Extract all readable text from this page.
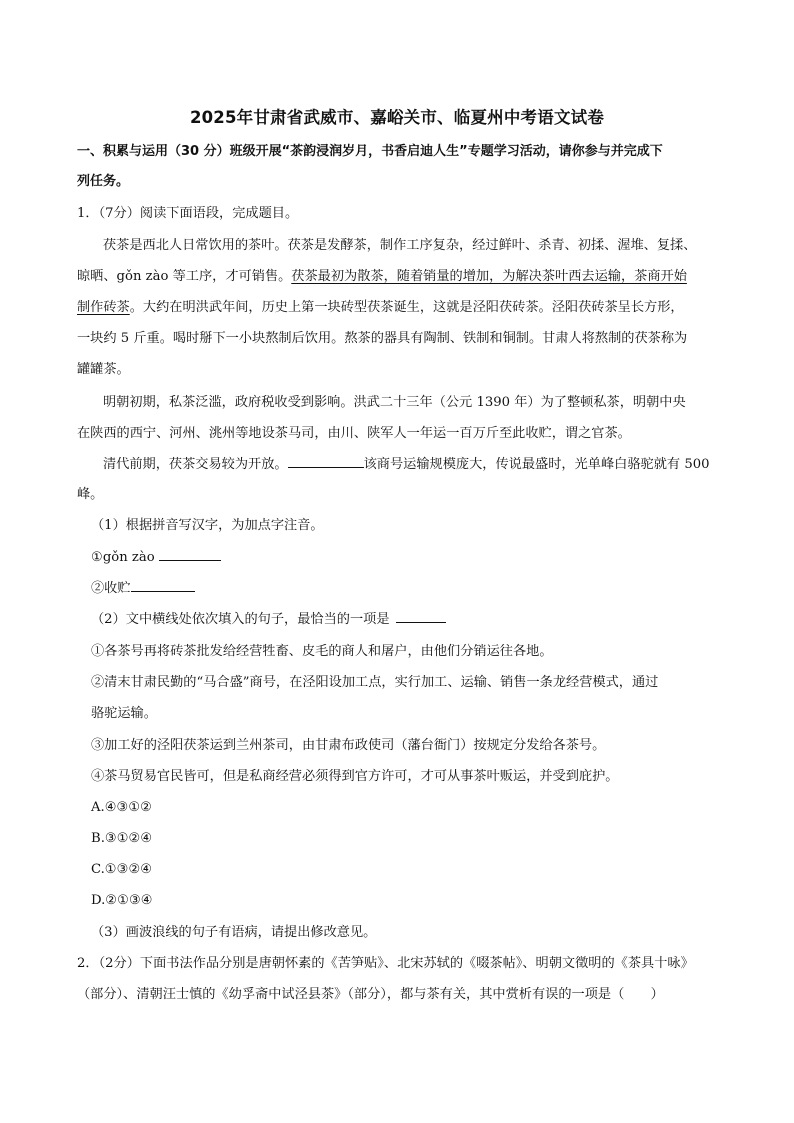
2025年甘肃省武威市、嘉峪关市、临夏州中考语文试卷
一、积累与运用（30 分）班级开展“茶韵浸润岁月，书香启迪人生”专题学习活动，请你参与并完成下
列任务。
1．（7分）阅读下面语段，完成题目。
茯茶是西北人日常饮用的茶叶。茯茶是发酵茶，制作工序复杂，经过鲜叶、杀青、初揉、渥堆、复揉、
晾晒、gǒn zào 等工序，才可销售。茯茶最初为散茶，随着销量的增加，为解决茶叶西去运输，茶商开始
制作砖茶。大约在明洪武年间，历史上第一块砖型茯茶诞生，这就是泾阳茯砖茶。泾阳茯砖茶呈长方形，
一块约 5 斤重。喝时掰下一小块熬制后饮用。熬茶的器具有陶制、铁制和铜制。甘肃人将熬制的茯茶称为
罐罐茶。
明朝初期，私茶泛滥，政府税收受到影响。洪武二十三年（公元 1390 年）为了整顿私茶，明朝中央
在陕西的西宁、河州、洮州等地设茶马司，由川、陕军人一年运一百万斤至此收贮，谓之官茶。
清代前期，茯茶交易较为开放。	该商号运输规模庞大，传说最盛时，光单峰白骆驼就有 500
峰。
（1）根据拼音写汉字，为加点字注音。
①gǒn zào
②收贮
（2）文中横线处依次填入的句子，最恰当的一项是
①各茶号再将砖茶批发给经营牲畜、皮毛的商人和屠户，由他们分销运往各地。
②清末甘肃民勤的“马合盛”商号，在泾阳设加工点，实行加工、运输、销售一条龙经营模式，通过
骆驼运输。
③加工好的泾阳茯茶运到兰州茶司，由甘肃布政使司（藩台衙门）按规定分发给各茶号。
④茶马贸易官民皆可，但是私商经营必须得到官方许可，才可从事茶叶贩运，并受到庇护。
A.④③①②
B.③①②④
C.①③②④
D.②①③④
（3）画波浪线的句子有语病，请提出修改意见。
2．（2分）下面书法作品分别是唐朝怀素的《苦笋贴》、北宋苏轼的《啜茶帖》、明朝文徵明的《茶具十咏》
（部分）、清朝汪士慎的《幼孚斋中试泾县茶》（部分），都与茶有关，其中赏析有误的一项是（　　）
